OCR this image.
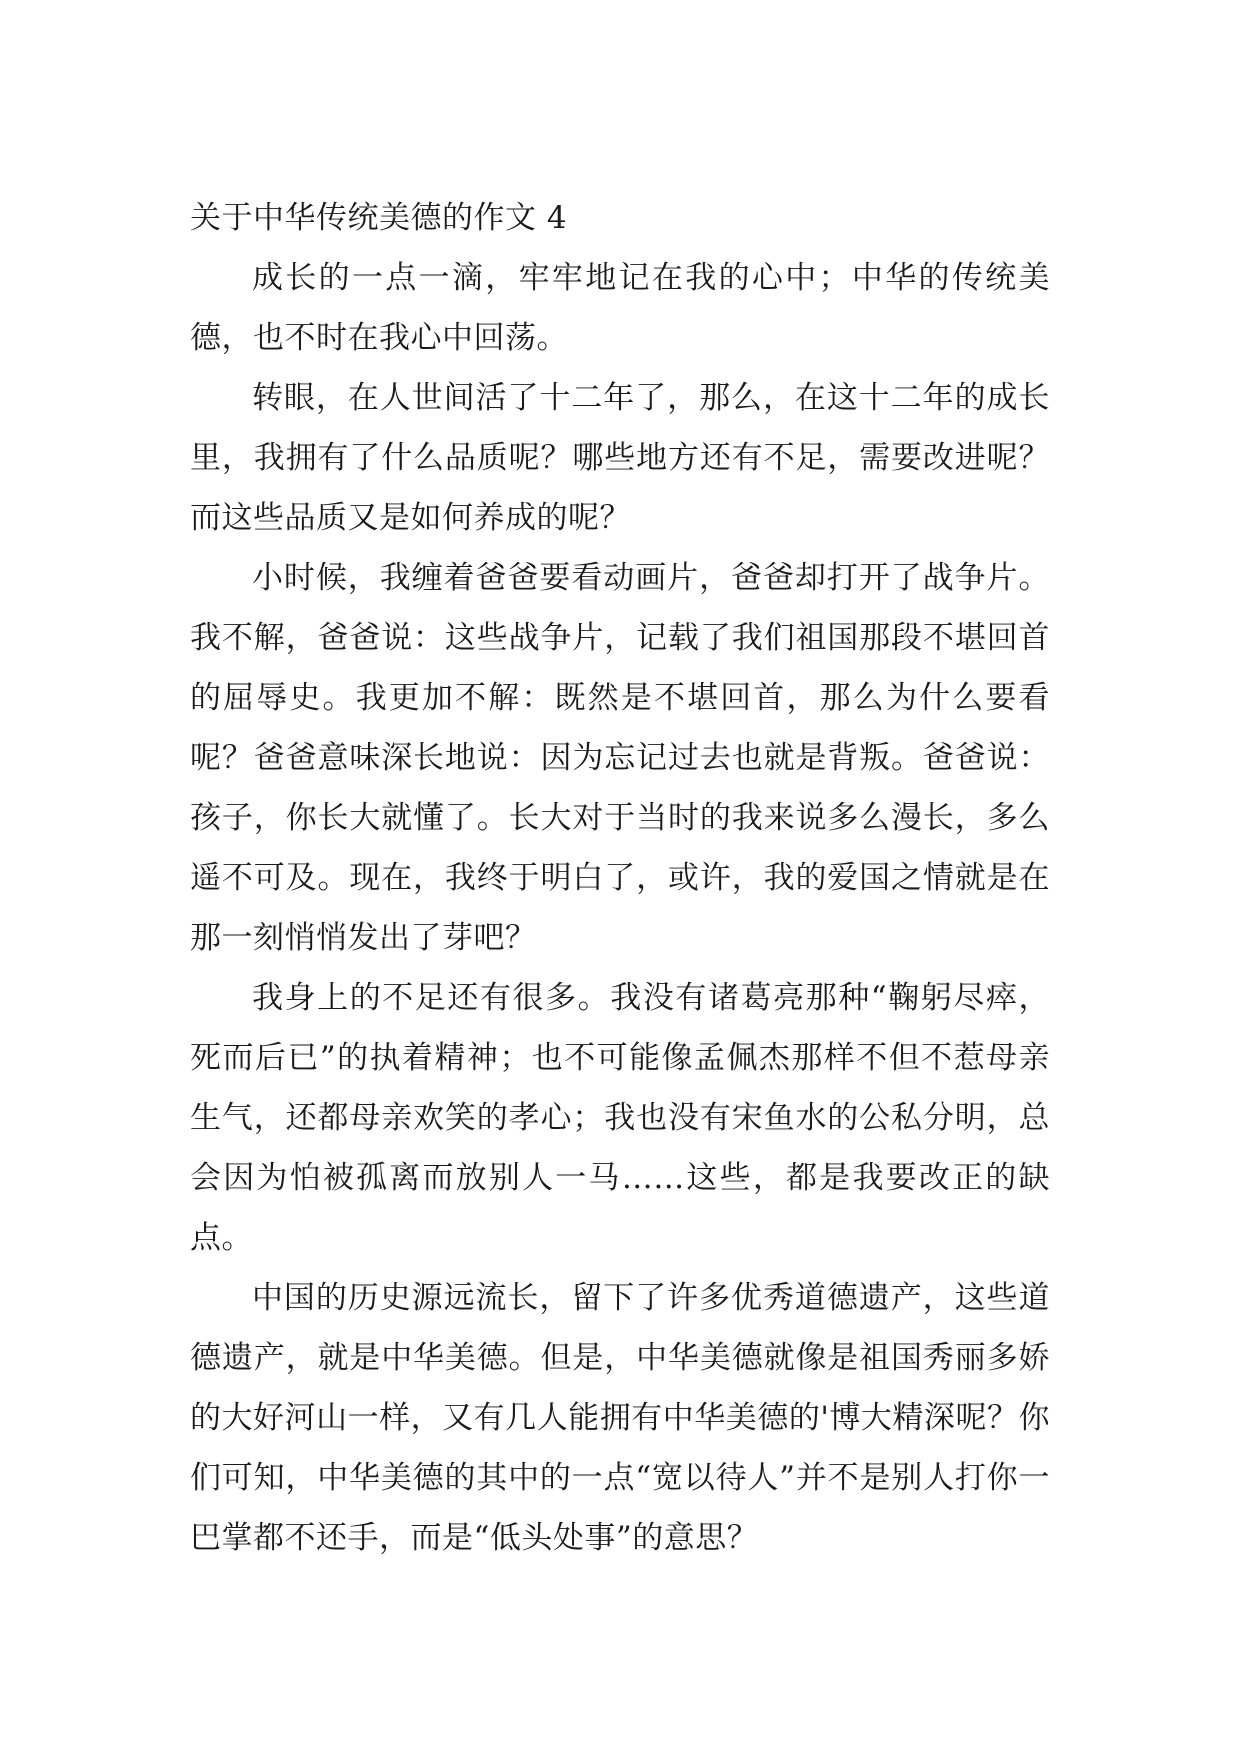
关于中华传统美德的作文 4

成长的一点一滴，牢牢地记在我的心中；中华的传统美德，也不时在我心中回荡。

转眼，在人世间活了十二年了，那么，在这十二年的成长里，我拥有了什么品质呢？哪些地方还有不足，需要改进呢？而这些品质又是如何养成的呢？

小时候，我缠着爸爸要看动画片，爸爸却打开了战争片。我不解，爸爸说：这些战争片，记载了我们祖国那段不堪回首的屈辱史。我更加不解：既然是不堪回首，那么为什么要看呢？爸爸意味深长地说：因为忘记过去也就是背叛。爸爸说：孩子，你长大就懂了。长大对于当时的我来说多么漫长，多么遥不可及。现在，我终于明白了，或许，我的爱国之情就是在那一刻悄悄发出了芽吧？

我身上的不足还有很多。我没有诸葛亮那种“鞠躬尽瘁，死而后已”的执着精神；也不可能像孟佩杰那样不但不惹母亲生气，还都母亲欢笑的孝心；我也没有宋鱼水的公私分明，总会因为怕被孤离而放别人一马……这些，都是我要改正的缺点。

中国的历史源远流长，留下了许多优秀道德遗产，这些道德遗产，就是中华美德。但是，中华美德就像是祖国秀丽多娇的大好河山一样，又有几人能拥有中华美德的'博大精深呢？你们可知，中华美德的其中的一点“宽以待人”并不是别人打你一巴掌都不还手，而是“低头处事”的意思？
